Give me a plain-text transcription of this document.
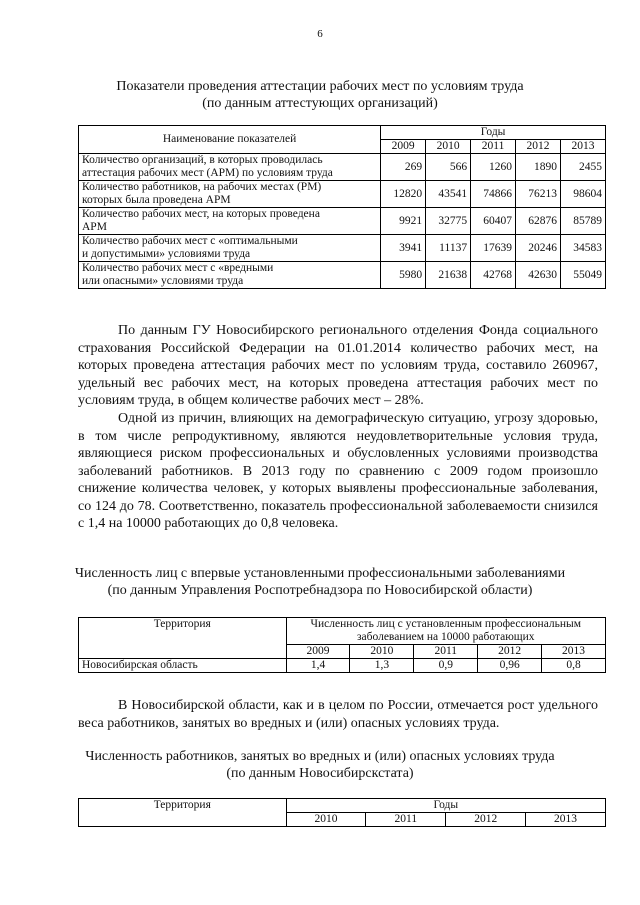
6
Показатели проведения аттестации рабочих мест по условиям труда
(по данным аттестующих организаций)
Наименование показателей	Годы				
	2009	2010	2011	2012	2013

Количество организаций, в которых проводилась
аттестация рабочих мест (АРМ) по условиям труда	269	566	1260	1890	2455

Количество работников, на рабочих местах (РМ)
которых была проведена АРМ	12820	43541	74866	76213	98604

Количество рабочих мест, на которых проведена
АРМ	9921	32775	60407	62876	85789

Количество рабочих мест с «оптимальными
и допустимыми» условиями труда	3941	11137	17639	20246	34583

Количество рабочих мест с «вредными
или опасными» условиями труда	5980	21638	42768	42630	55049

По данным ГУ Новосибирского регионального отделения Фонда социального страхования Российской Федерации на 01.01.2014 количество рабочих мест, на которых проведена аттестация рабочих мест по условиям труда, составило 260967, удельный вес рабочих мест, на которых проведена аттестация рабочих мест по условиям труда, в общем количестве рабочих мест – 28%.

Одной из причин, влияющих на демографическую ситуацию, угрозу здоровью, в том числе репродуктивному, являются неудовлетворительные условия труда, являющиеся риском профессиональных и обусловленных условиями производства заболеваний работников. В 2013 году по сравнению с 2009 годом произошло снижение количества человек, у которых выявлены профессиональные заболевания, со 124 до 78. Соответственно, показатель профессиональной заболеваемости снизился с 1,4 на 10000 работающих до 0,8 человека.

Численность лиц с впервые установленными профессиональными заболеваниями
(по данным Управления Роспотребнадзора по Новосибирской области)
Территория	Численность лиц с установленным профессиональным
заболеванием на 10000 работающих				

	2009	2010	2011	2012	2013
Новосибирская область	1,4	1,3	0,9	0,96	0,8

В Новосибирской области, как и в целом по России, отмечается рост удельного веса работников, занятых во вредных и (или) опасных условиях труда.

Численность работников, занятых во вредных и (или) опасных условиях труда
(по данным Новосибирскстата)
Территория	Годы			
	2010	2011	2012	2013
